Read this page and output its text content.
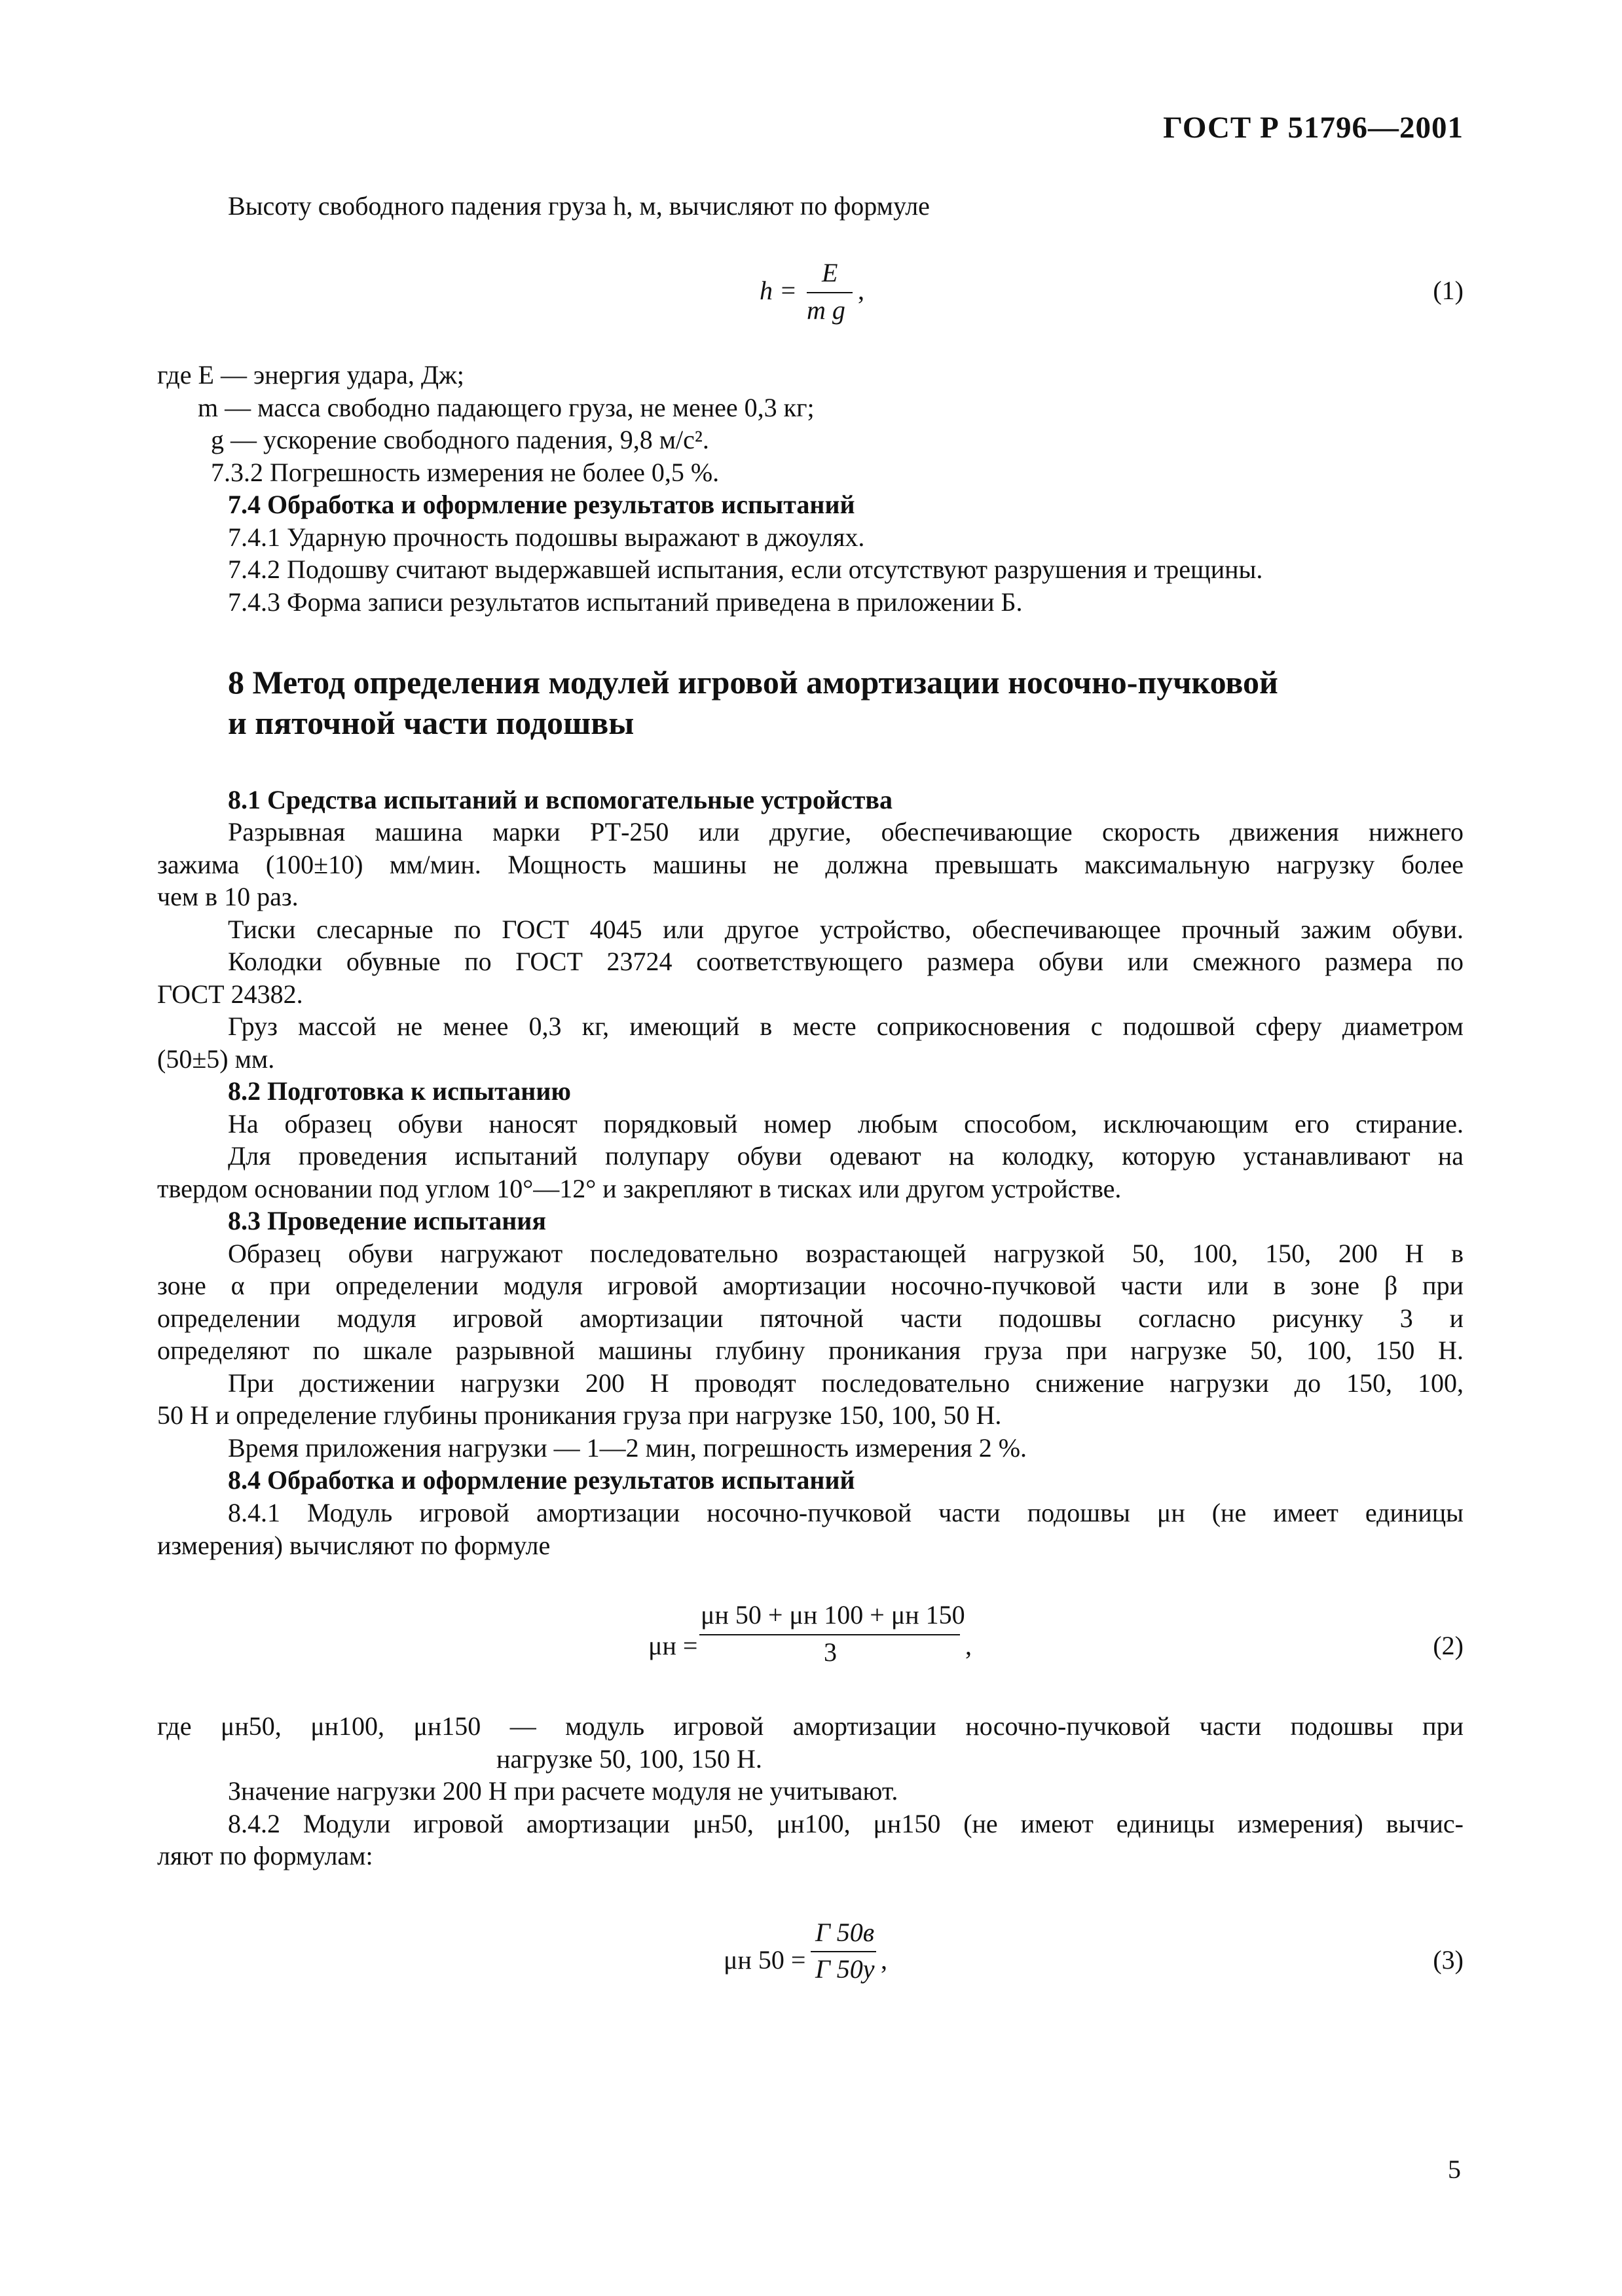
ГОСТ Р 51796—2001
Высоту свободного падения груза h, м, вычисляют по формуле
h =
E
m g
,	(1)
где E — энергия удара, Дж;
m — масса свободно падающего груза, не менее 0,3 кг;
g — ускорение свободного падения, 9,8 м/с².
7.3.2 Погрешность измерения не более 0,5 %.
7.4 Обработка и оформление результатов испытаний
7.4.1 Ударную прочность подошвы выражают в джоулях.
7.4.2 Подошву считают выдержавшей испытания, если отсутствуют разрушения и трещины.
7.4.3 Форма записи результатов испытаний приведена в приложении Б.
8 Метод определения модулей игровой амортизации носочно-пучковой
и пяточной части подошвы
8.1 Средства испытаний и вспомогательные устройства
Разрывная машина марки РТ-250 или другие, обеспечивающие скорость движения нижнего
зажима (100±10) мм/мин. Мощность машины не должна превышать максимальную нагрузку более
чем в 10 раз.
Тиски слесарные по ГОСТ 4045 или другое устройство, обеспечивающее прочный зажим обуви.
Колодки обувные по ГОСТ 23724 соответствующего размера обуви или смежного размера по
ГОСТ 24382.
Груз массой не менее 0,3 кг, имеющий в месте соприкосновения с подошвой сферу диаметром
(50±5) мм.
8.2 Подготовка к испытанию
На образец обуви наносят порядковый номер любым способом, исключающим его стирание.
Для проведения испытаний полупару обуви одевают на колодку, которую устанавливают на
твердом основании под углом 10°—12° и закрепляют в тисках или другом устройстве.
8.3 Проведение испытания
Образец обуви нагружают последовательно возрастающей нагрузкой 50, 100, 150, 200 Н в
зоне α при определении модуля игровой амортизации носочно-пучковой части или в зоне β при
определении модуля игровой амортизации пяточной части подошвы согласно рисунку 3 и
определяют по шкале разрывной машины глубину проникания груза при нагрузке 50, 100, 150 Н.
При достижении нагрузки 200 Н проводят последовательно снижение нагрузки до 150, 100,
50 Н и определение глубины проникания груза при нагрузке 150, 100, 50 Н.
Время приложения нагрузки — 1—2 мин, погрешность измерения 2 %.
8.4 Обработка и оформление результатов испытаний
8.4.1 Модуль игровой амортизации носочно-пучковой части подошвы μн (не имеет единицы
измерения) вычисляют по формуле
μн =
μн 50 + μн 100 + μн 150
3	,	(2)
где μн50, μн100, μн150 — модуль игровой амортизации носочно-пучковой части подошвы при
нагрузке 50, 100, 150 Н.
Значение нагрузки 200 Н при расчете модуля не учитывают.
8.4.2 Модули игровой амортизации μн50, μн100, μн150 (не имеют единицы измерения) вычис-
ляют по формулам:
μн 50 =
Г 50в
Г 50у ,	(3)
5
